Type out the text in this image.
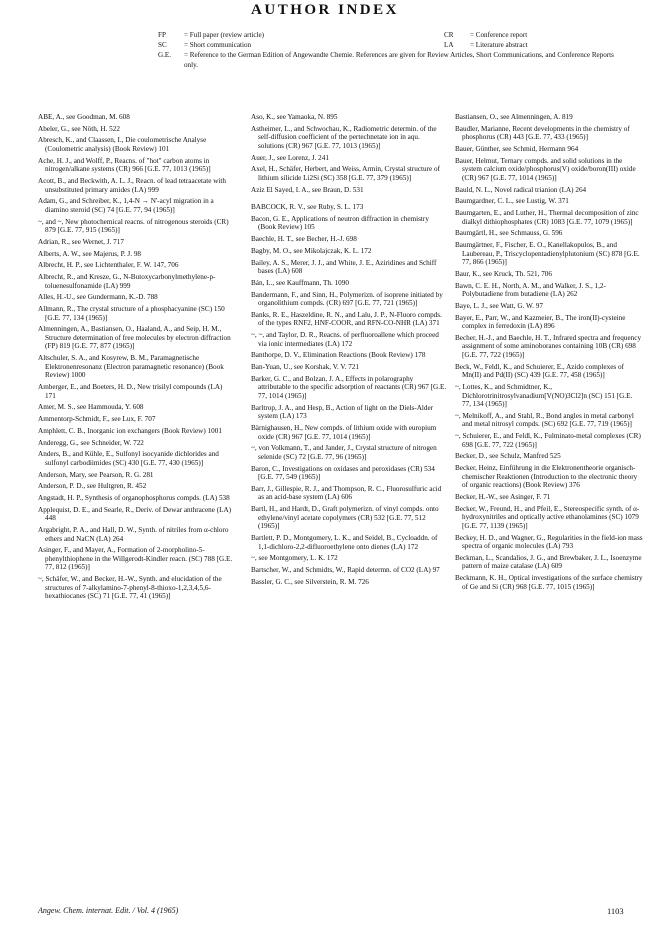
AUTHOR INDEX
FP	= Full paper (review article)	CR	= Conference report
SC	= Short communication	LA	= Literature abstract
G.E.	= Reference to the German Edition of Angewandte Chemie. References are given for Review Articles, Short Communications, and Conference Reports only.
ABE, A., see Goodman, M. 608
Abeler, G., see Nöth, H. 522
Abresch, K., and Claassen, I., Die coulometrische Analyse (Coulometric analysis) (Book Review) 101
Ache, H. J., and Wolff, P., Reacns. of "hot" carbon atoms in nitrogen/alkane systems (CR) 966 [G.E. 77, 1013 (1965)]
Acott, B., and Beckwith, A. L. J., Reacn. of lead tetraacetate with unsubstituted primary amides (LA) 999
Adam, G., and Schreiber, K., 1,4-N → N'-acyl migration in a diamino steroid (SC) 74 [G.E. 77, 94 (1965)]
~, and ~, New photochemical reacns. of nitrogenous steroids (CR) 879 [G.E. 77, 915 (1965)]
Adrian, R., see Wernet, J. 717
Alberts, A. W., see Majerus, P. J. 98
Albrecht, H. P., see Lichtenthaler, F. W. 147, 706
Albrecht, R., and Kresze, G., N-Butoxycarbonylmethylene-p-toluenesulfonamide (LA) 999
Alles, H.-U., see Gundermann, K.-D. 788
Allmann, R., The crystal structure of a phosphacyanine (SC) 150 [G.E. 77, 134 (1965)]
Almenningen, A., Bastiansen, O., Haaland, A., and Seip, H. M., Structure determination of free molecules by electron diffraction (FP) 819 [G.E. 77, 877 (1965)]
Altschuler, S. A., and Kosyrew, B. M., Paramagnetische Elektronenresonanz (Electron paramagnetic resonance) (Book Review) 1000
Amberger, E., and Boeters, H. D., New trisilyl compounds (LA) 171
Amer, M. S., see Hammouda, Y. 608
Ammentorp-Schmidt, F., see Lux, F. 707
Amphlett, C. B., Inorganic ion exchangers (Book Review) 1001
Anderegg, G., see Schneider, W. 722
Anders, B., and Kühle, E., Sulfonyl isocyanide dichlorides and sulfonyl carbodiimides (SC) 430 [G.E. 77, 430 (1965)]
Anderson, Mary, see Pearson, R. G. 281
Anderson, P. D., see Hultgren, R. 452
Angstadt, H. P., Synthesis of organophosphorus compds. (LA) 538
Applequist, D. E., and Searle, R., Deriv. of Dewar anthracene (LA) 448
Argabright, P. A., and Hall, D. W., Synth. of nitriles from α-chloro ethers and NaCN (LA) 264
Asinger, F., and Mayer, A., Formation of 2-morpholino-5-phenylthiophene in the Willgerodt-Kindler reacn. (SC) 788 [G.E. 77, 812 (1965)]
~, Schäfer, W., and Becker, H.-W., Synth. and elucidation of the structures of 7-alkylamino-7-phenyl-8-thioxo-1,2,3,4,5,6-hexathiocanes (SC) 71 [G.E. 77, 41 (1965)]
Aso, K., see Yamaoka, N. 895
Astheimer, L., and Schwochau, K., Radiometric determin. of the self-diffusion coefficient of the pertechnetate ion in aqu. solutions (CR) 967 [G.E. 77, 1013 (1965)]
Auer, J., see Lorenz, J. 241
Axel, H., Schäfer, Herbert, and Weiss, Armin, Crystal structure of lithium silicide Li2Si (SC) 358 [G.E. 77, 379 (1965)]
Aziz El Sayed, I. A., see Braun, D. 531
BABCOCK, R. V., see Ruby, S. L. 173
Bacon, G. E., Applications of neutron diffraction in chemistry (Book Review) 105
Baechle, H. T., see Becher, H.-J. 698
Bagby, M. O., see Mikolajczak, K. L. 172
Bailey, A. S., Merer, J. J., and White, J. E., Aziridines and Schiff bases (LA) 608
Bán, L., see Kauffmann, Th. 1090
Bandermann, F., and Sinn, H., Polymerizn. of isoprene initiated by organolithium compds. (CR) 697 [G.E. 77, 721 (1965)]
Banks, R. E., Haszeldine, R. N., and Lalu, J. P., N-Fluoro compds. of the types RNF2, HNF-COOR, and RFN-CO-NHR (LA) 371
~, ~, and Taylor, D. R., Reacns. of perfluoroallene which proceed via ionic intermediates (LA) 172
Banthorpe, D. V., Elimination Reactions (Book Review) 178
Ban-Yuan, U., see Korshak, V. V. 721
Barker, G. C., and Bolzan, J. A., Effects in polarography attributable to the specific adsorption of reactants (CR) 967 [G.E. 77, 1014 (1965)]
Barltrop, J. A., and Hesp, B., Action of light on the Diels-Alder system (LA) 173
Bärnighausen, H., New compds. of lithium oxide with europium oxide (CR) 967 [G.E. 77, 1014 (1965)]
~, von Volkmann, T., and Jander, J., Crystal structure of nitrogen selenide (SC) 72 [G.E. 77, 96 (1965)]
Baron, C., Investigations on oxidases and peroxidases (CR) 534 [G.E. 77, 549 (1965)]
Barr, J., Gillespie, R. J., and Thompson, R. C., Fluorosulfuric acid as an acid-base system (LA) 606
Bartl, H., and Hardt, D., Graft polymerizn. of vinyl compds. onto ethylene/vinyl acetate copolymers (CR) 532 [G.E. 77, 512 (1965)]
Bartlett, P. D., Montgomery, L. K., and Seidel, B., Cycloaddn. of 1,1-dichloro-2,2-difluoroethylene onto dienes (LA) 172
~, see Montgomery, L. K. 172
Bartscher, W., and Schmidts, W., Rapid determn. of CO2 (LA) 97
Bassler, G. C., see Silverstein, R. M. 726
Bastiansen, O., see Almenningen, A. 819
Baudler, Marianne, Recent developments in the chemistry of phosphorus (CR) 443 [G.E. 77, 433 (1965)]
Bauer, Günther, see Schmid, Hermann 964
Bauer, Helmut, Ternary compds. and solid solutions in the system calcium oxide/phosphorus(V) oxide/boron(III) oxide (CR) 967 [G.E. 77, 1014 (1965)]
Bauld, N. L., Novel radical trianion (LA) 264
Baumgardner, C. L., see Lustig, W. 371
Baumgarten, E., and Luther, H., Thermal decomposition of zinc dialkyl dithiophosphates (CR) 1083 [G.E. 77, 1079 (1965)]
Baumgärtl, H., see Schmauss, G. 596
Baumgärtner, F., Fischer, E. O., Kanellakopulos, B., and Laubereau, P., Triscyclopentadienylplutonium (SC) 878 [G.E. 77, 866 (1965)]
Baur, K., see Kruck, Th. 521, 706
Bawn, C. E. H., North, A. M., and Walker, J. S., 1,2-Polybutadiene from butadiene (LA) 262
Baye, L. J., see Watt, G. W. 97
Bayer, E., Parr, W., and Kazmeier, B., The iron(II)-cysteine complex in ferredoxin (LA) 896
Becher, H.-J., and Baechle, H. T., Infrared spectra and frequency assignment of some aminoboranes containing 10B (CR) 698 [G.E. 77, 722 (1965)]
Beck, W., Feldl, K., and Schuierer, E., Azido complexes of Mn(II) and Pd(II) (SC) 439 [G.E. 77, 458 (1965)]
~, Lottes, K., and Schmidtner, K., Dichlorotrinitrosylvanadium[V(NO)3Cl2]n (SC) 151 [G.E. 77, 134 (1965)]
~, Melnikoff, A., and Stahl, R., Bond angles in metal carbonyl and metal nitrosyl compds. (SC) 692 [G.E. 77, 719 (1965)]
~, Schuierer, E., and Feldl, K., Fulminato-metal complexes (CR) 698 [G.E. 77, 722 (1965)]
Becker, D., see Schulz, Manfred 525
Becker, Heinz, Einführung in die Elektronentheorie organisch-chemischer Reaktionen (Introduction to the electronic theory of organic reactions) (Book Review) 376
Becker, H.-W., see Asinger, F. 71
Becker, W., Freund, H., and Pfeil, E., Stereospecific synth. of α-hydroxynitriles and optically active ethanolamines (SC) 1079 [G.E. 77, 1139 (1965)]
Beckey, H. D., and Wagner, G., Regularities in the field-ion mass spectra of organic molecules (LA) 793
Beckman, L., Scandalios, J. G., and Brewbaker, J. L., Isoenzyme pattern of maize catalase (LA) 609
Beckmann, K. H., Optical investigations of the surface chemistry of Ge and Si (CR) 968 [G.E. 77, 1015 (1965)]
Angew. Chem. internat. Edit. / Vol. 4 (1965)	1103
